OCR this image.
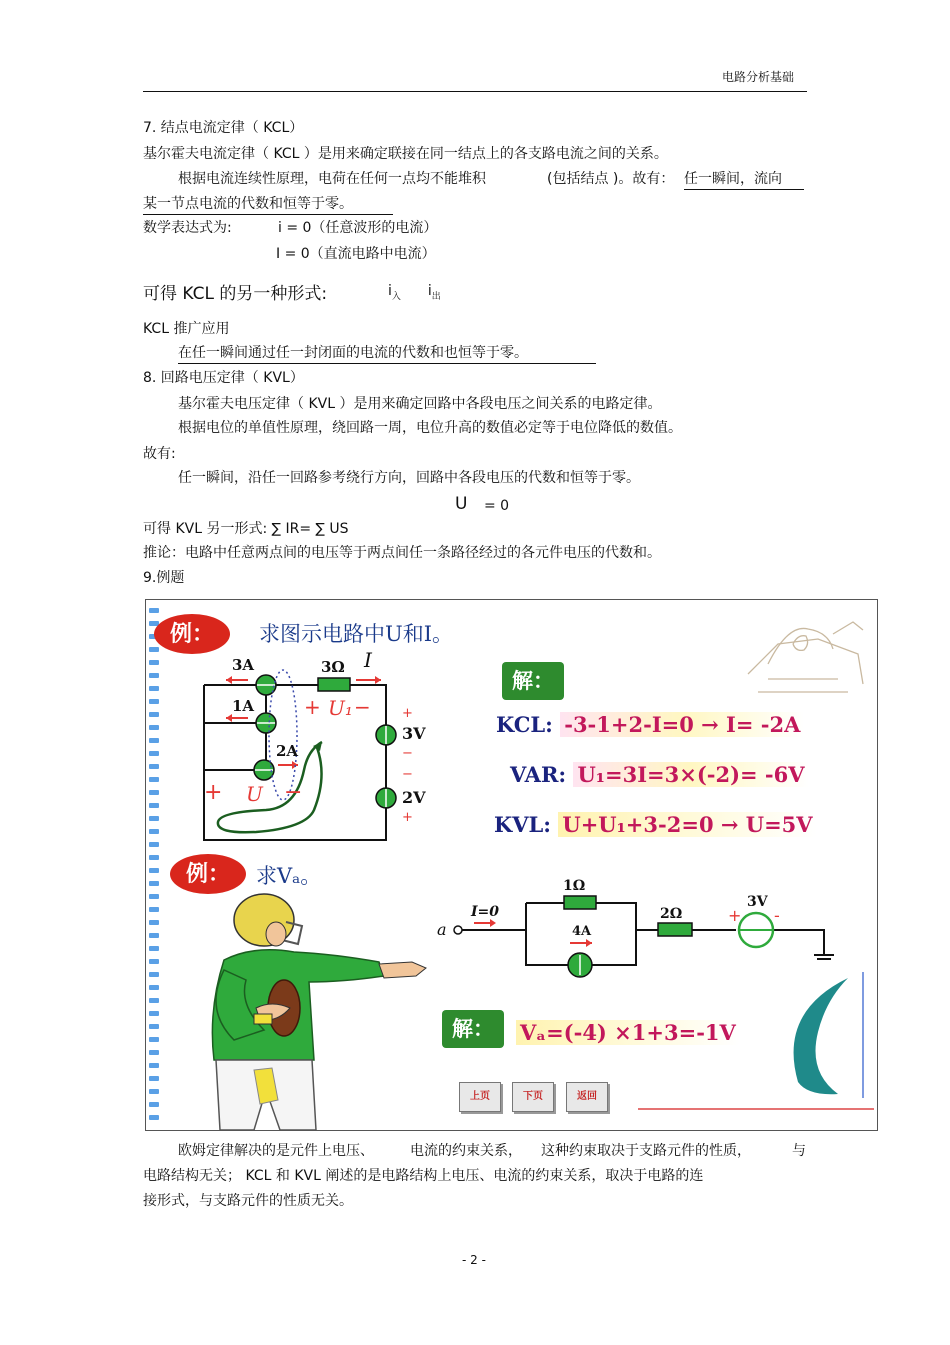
电路分析基础
7. 结点电流定律（ KCL）
基尔霍夫电流定律（ KCL ）是用来确定联接在同一结点上的各支路电流之间的关系。
根据电流连续性原理，电荷在任何一点均不能堆积	(包括结点 )。故有： 任一瞬间，流向
某一节点电流的代数和恒等于零。
数学表达式为:	i = 0（任意波形的电流）
I = 0（直流电路中电流）
可得 KCL 的另一种形式:	$i_入$ $i_出$
KCL 推广应用
在任一瞬间通过任一封闭面的电流的代数和也恒等于零。
8. 回路电压定律（ KVL）
基尔霍夫电压定律（ KVL ）是用来确定回路中各段电压之间关系的电路定律。
根据电位的单值性原理，绕回路一周，电位升高的数值必定等于电位降低的数值。
故有:
任一瞬间，沿任一回路参考绕行方向，回路中各段电压的代数和恒等于零。
U = 0
可得 KVL 另一形式: ∑ IR= ∑ US
推论：电路中任意两点间的电压等于两点间任一条路径经过的各元件电压的代数和。
9.例题
例：	求图示电路中U和I。
3A
1A
2A
3Ω I
+ U₁ − +
3V
−
−
2V
+
+ U −
解：
KCL: -3-1+2-I=0 → I= -2A
VAR: U₁=3I=3×(-2)= -6V
KVL: U+U₁+3-2=0 → U=5V
例：	求Vₐ。
a
I=0
1Ω
4A
2Ω	+
3V
-
解：	Vₐ=(-4) ×1+3=-1V
上页	下页	返回
欧姆定律解决的是元件上电压、	电流的约束关系， 这种约束取决于支路元件的性质，	与
电路结构无关； KCL 和 KVL 阐述的是电路结构上电压、电流的约束关系，取决于电路的连
接形式，与支路元件的性质无关。
- 2 -
